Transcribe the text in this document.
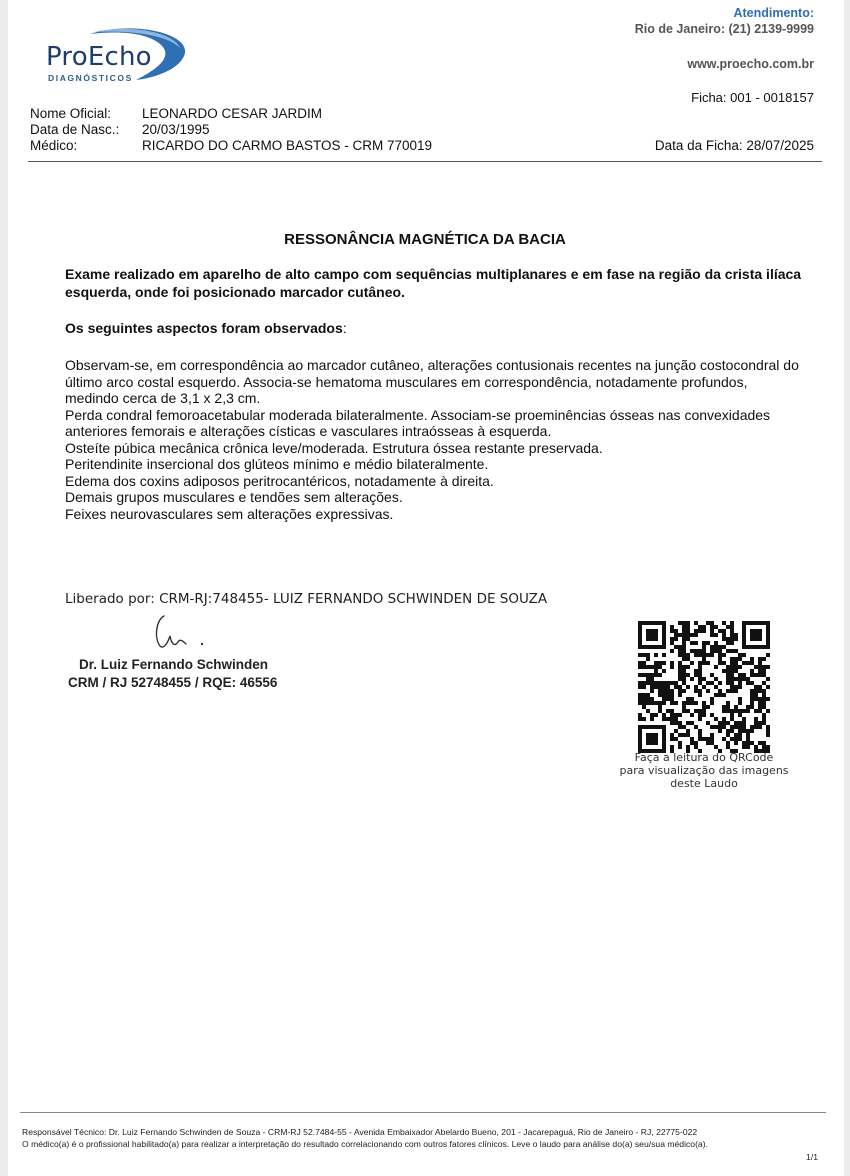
ProEcho
DIAGNÓSTICOS
Atendimento:
Rio de Janeiro: (21) 2139-9999
www.proecho.com.br
Ficha: 001 - 0018157
Nome Oficial:	LEONARDO CESAR JARDIM
Data de Nasc.:	20/03/1995
Médico:	RICARDO DO CARMO BASTOS - CRM 770019	Data da Ficha: 28/07/2025
RESSONÂNCIA MAGNÉTICA DA BACIA
Exame realizado em aparelho de alto campo com sequências multiplanares e em fase na região da crista ilíaca esquerda, onde foi posicionado marcador cutâneo.
Os seguintes aspectos foram observados:

Observam-se, em correspondência ao marcador cutâneo, alterações contusionais recentes na junção costocondral do último arco costal esquerdo. Associa-se hematoma musculares em correspondência, notadamente profundos, medindo cerca de 3,1 x 2,3 cm.

Perda condral femoroacetabular moderada bilateralmente. Associam-se proeminências ósseas nas convexidades anteriores femorais e alterações císticas e vasculares intraósseas à esquerda.

Osteíte púbica mecânica crônica leve/moderada. Estrutura óssea restante preservada.

Peritendinite insercional dos glúteos mínimo e médio bilateralmente.

Edema dos coxins adiposos peritrocantéricos, notadamente à direita.

Demais grupos musculares e tendões sem alterações.

Feixes neurovasculares sem alterações expressivas.

Liberado por: CRM-RJ:748455- LUIZ FERNANDO SCHWINDEN DE SOUZA
Dr. Luiz Fernando Schwinden
CRM / RJ 52748455 / RQE: 46556
Faça a leitura do QRCode
para visualização das imagens
deste Laudo
Responsável Técnico: Dr. Luiz Fernando Schwinden de Souza - CRM-RJ 52.7484-55 - Avenida Embaixador Abelardo Bueno, 201 - Jacarepaguá, Rio de Janeiro - RJ, 22775-022
O médico(a) é o profissional habilitado(a) para realizar a interpretação do resultado correlacionando com outros fatores clínicos. Leve o laudo para análise do(a) seu/sua médico(a).
1/1
